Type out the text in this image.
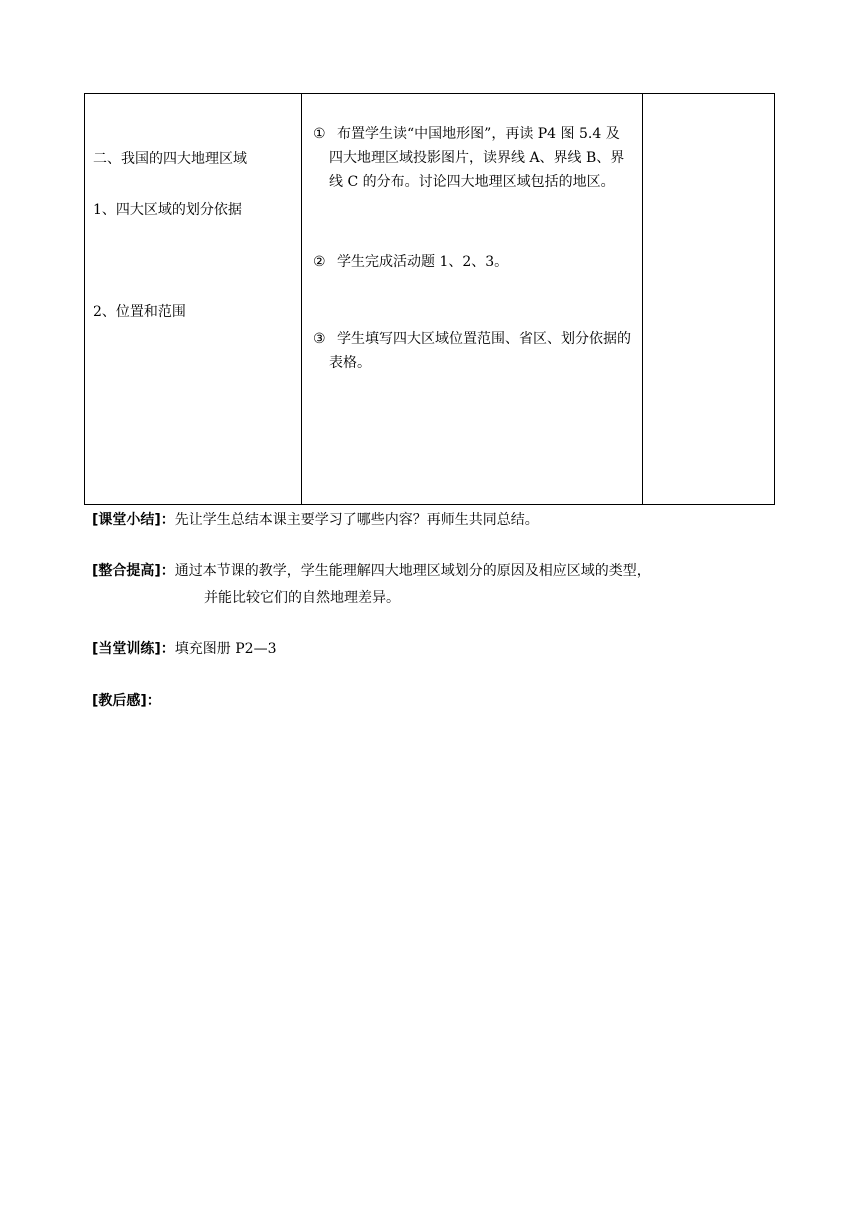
二、我国的四大地理区域
1、四大区域的划分依据
2、位置和范围
① 布置学生读“中国地形图”，再读 P4 图 5.4 及四大地理区域投影图片，读界线 A、界线 B、界线 C 的分布。讨论四大地理区域包括的地区。
② 学生完成活动题 1、2、3。
③ 学生填写四大区域位置范围、省区、划分依据的表格。
[课堂小结]：先让学生总结本课主要学习了哪些内容？再师生共同总结。
[整合提高]：通过本节课的教学，学生能理解四大地理区域划分的原因及相应区域的类型，
并能比较它们的自然地理差异。
[当堂训练]：填充图册 P2—3
[教后感]：
